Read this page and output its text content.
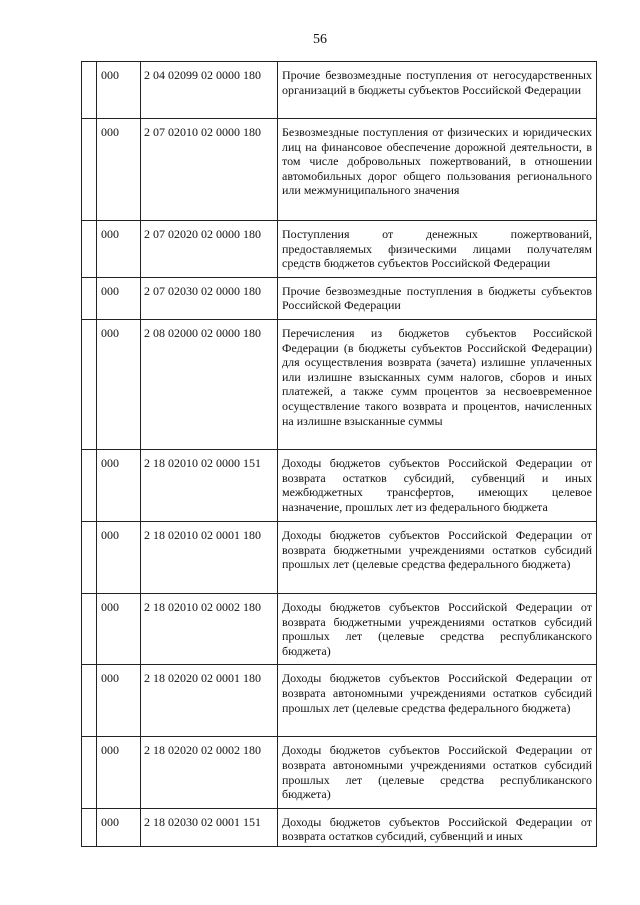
56
	000	2 04 02099 02 0000 180	Прочие безвозмездные поступления от негосударственных организаций в бюджеты субъектов Российской Федерации
	000	2 07 02010 02 0000 180	Безвозмездные поступления от физических и юридических лиц на финансовое обеспечение дорожной деятельности, в том числе добровольных пожертвований, в отношении автомобильных дорог общего пользования регионального или межмуниципального значения
	000	2 07 02020 02 0000 180	Поступления от денежных пожертвований, предоставляемых физическими лицами получателям средств бюджетов субъектов Российской Федерации
	000	2 07 02030 02 0000 180	Прочие безвозмездные поступления в бюджеты субъектов Российской Федерации
	000	2 08 02000 02 0000 180	Перечисления из бюджетов субъектов Российской Федерации (в бюджеты субъектов Российской Федерации) для осуществления возврата (зачета) излишне уплаченных или излишне взысканных сумм налогов, сборов и иных платежей, а также сумм процентов за несвоевременное осуществление такого возврата и процентов, начисленных на излишне взысканные суммы
	000	2 18 02010 02 0000 151	Доходы бюджетов субъектов Российской Федерации от возврата остатков субсидий, субвенций и иных межбюджетных трансфертов, имеющих целевое назначение, прошлых лет из федерального бюджета
	000	2 18 02010 02 0001 180	Доходы бюджетов субъектов Российской Федерации от возврата бюджетными учреждениями остатков субсидий прошлых лет (целевые средства федерального бюджета)
	000	2 18 02010 02 0002 180	Доходы бюджетов субъектов Российской Федерации от возврата бюджетными учреждениями остатков субсидий прошлых лет (целевые средства республиканского бюджета)
	000	2 18 02020 02 0001 180	Доходы бюджетов субъектов Российской Федерации от возврата автономными учреждениями остатков субсидий прошлых лет (целевые средства федерального бюджета)
	000	2 18 02020 02 0002 180	Доходы бюджетов субъектов Российской Федерации от возврата автономными учреждениями остатков субсидий прошлых лет (целевые средства республиканского бюджета)
	000	2 18 02030 02 0001 151	Доходы бюджетов субъектов Российской Федерации от возврата остатков субсидий, субвенций и иных
